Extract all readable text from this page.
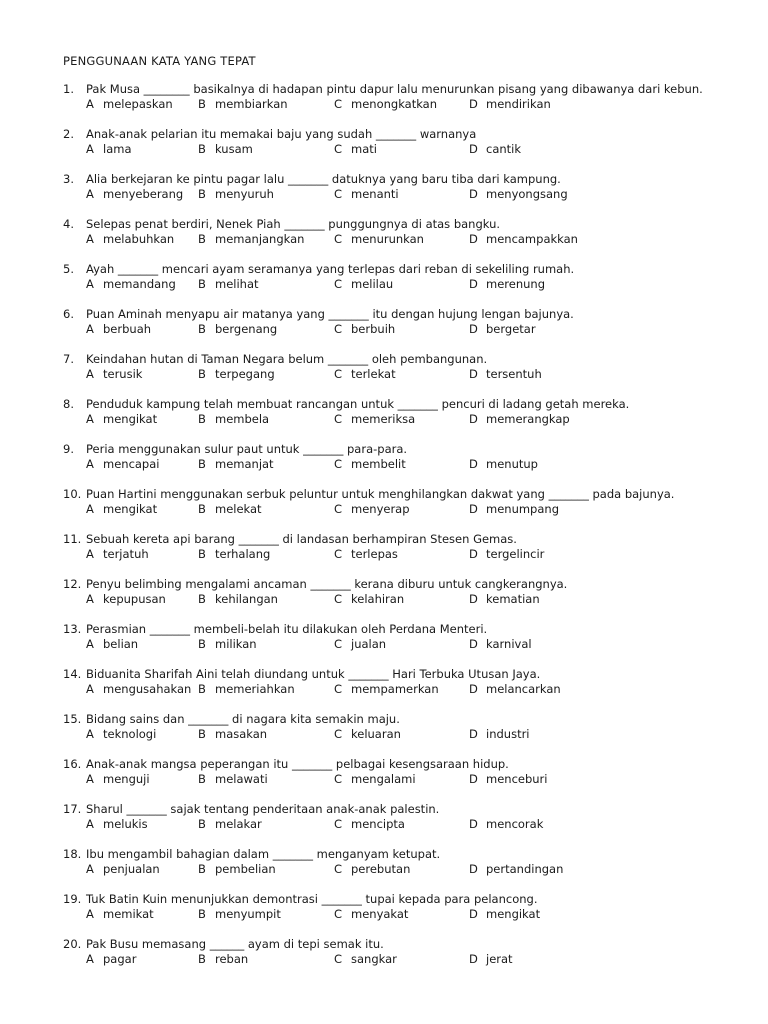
PENGGUNAAN KATA YANG TEPAT
1. Pak Musa ________ basikalnya di hadapan pintu dapur lalu menurunkan pisang yang dibawanya dari kebun.
A melepaskan B membiarkan	C menongkatkan	D mendirikan
2. Anak-anak pelarian itu memakai baju yang sudah _______ warnanya
A lama	B kusam	C mati	D cantik
3. Alia berkejaran ke pintu pagar lalu _______ datuknya yang baru tiba dari kampung.
A menyeberang B menyuruh	C menanti	D menyongsang
4. Selepas penat berdiri, Nenek Piah _______ punggungnya di atas bangku.
A melabuhkan B memanjangkan	C menurunkan	D mencampakkan
5. Ayah _______ mencari ayam seramanya yang terlepas dari reban di sekeliling rumah.
A memandang B melihat	C melilau	D merenung
6. Puan Aminah menyapu air matanya yang _______ itu dengan hujung lengan bajunya.
A berbuah	B bergenang	C berbuih	D bergetar
7. Keindahan hutan di Taman Negara belum _______ oleh pembangunan.
A terusik	B terpegang	C terlekat	D tersentuh
8. Penduduk kampung telah membuat rancangan untuk _______ pencuri di ladang getah mereka.
A mengikat	B membela	C memeriksa	D memerangkap
9. Peria menggunakan sulur paut untuk _______ para-para.
A mencapai	B memanjat	C membelit	D menutup
10. Puan Hartini menggunakan serbuk peluntur untuk menghilangkan dakwat yang _______ pada bajunya.
A mengikat	B melekat	C menyerap	D menumpang
11. Sebuah kereta api barang _______ di landasan berhampiran Stesen Gemas.
A terjatuh	B terhalang	C terlepas	D tergelincir
12. Penyu belimbing mengalami ancaman _______ kerana diburu untuk cangkerangnya.
A kepupusan	B kehilangan	C kelahiran	D kematian
13. Perasmian _______ membeli-belah itu dilakukan oleh Perdana Menteri.
A belian	B milikan	C jualan	D karnival
14. Biduanita Sharifah Aini telah diundang untuk _______ Hari Terbuka Utusan Jaya.
A mengusahakan B memeriahkan	C mempamerkan	D melancarkan
15. Bidang sains dan _______ di nagara kita semakin maju.
A teknologi	B masakan	C keluaran	D industri
16. Anak-anak mangsa peperangan itu _______ pelbagai kesengsaraan hidup.
A menguji	B melawati	C mengalami	D menceburi
17. Sharul _______ sajak tentang penderitaan anak-anak palestin.
A melukis	B melakar	C mencipta	D mencorak
18. Ibu mengambil bahagian dalam _______ menganyam ketupat.
A penjualan	B pembelian	C perebutan	D pertandingan
19. Tuk Batin Kuin menunjukkan demontrasi _______ tupai kepada para pelancong.
A memikat	B menyumpit	C menyakat	D mengikat
20. Pak Busu memasang ______ ayam di tepi semak itu.
A pagar	B reban	C sangkar	D jerat
